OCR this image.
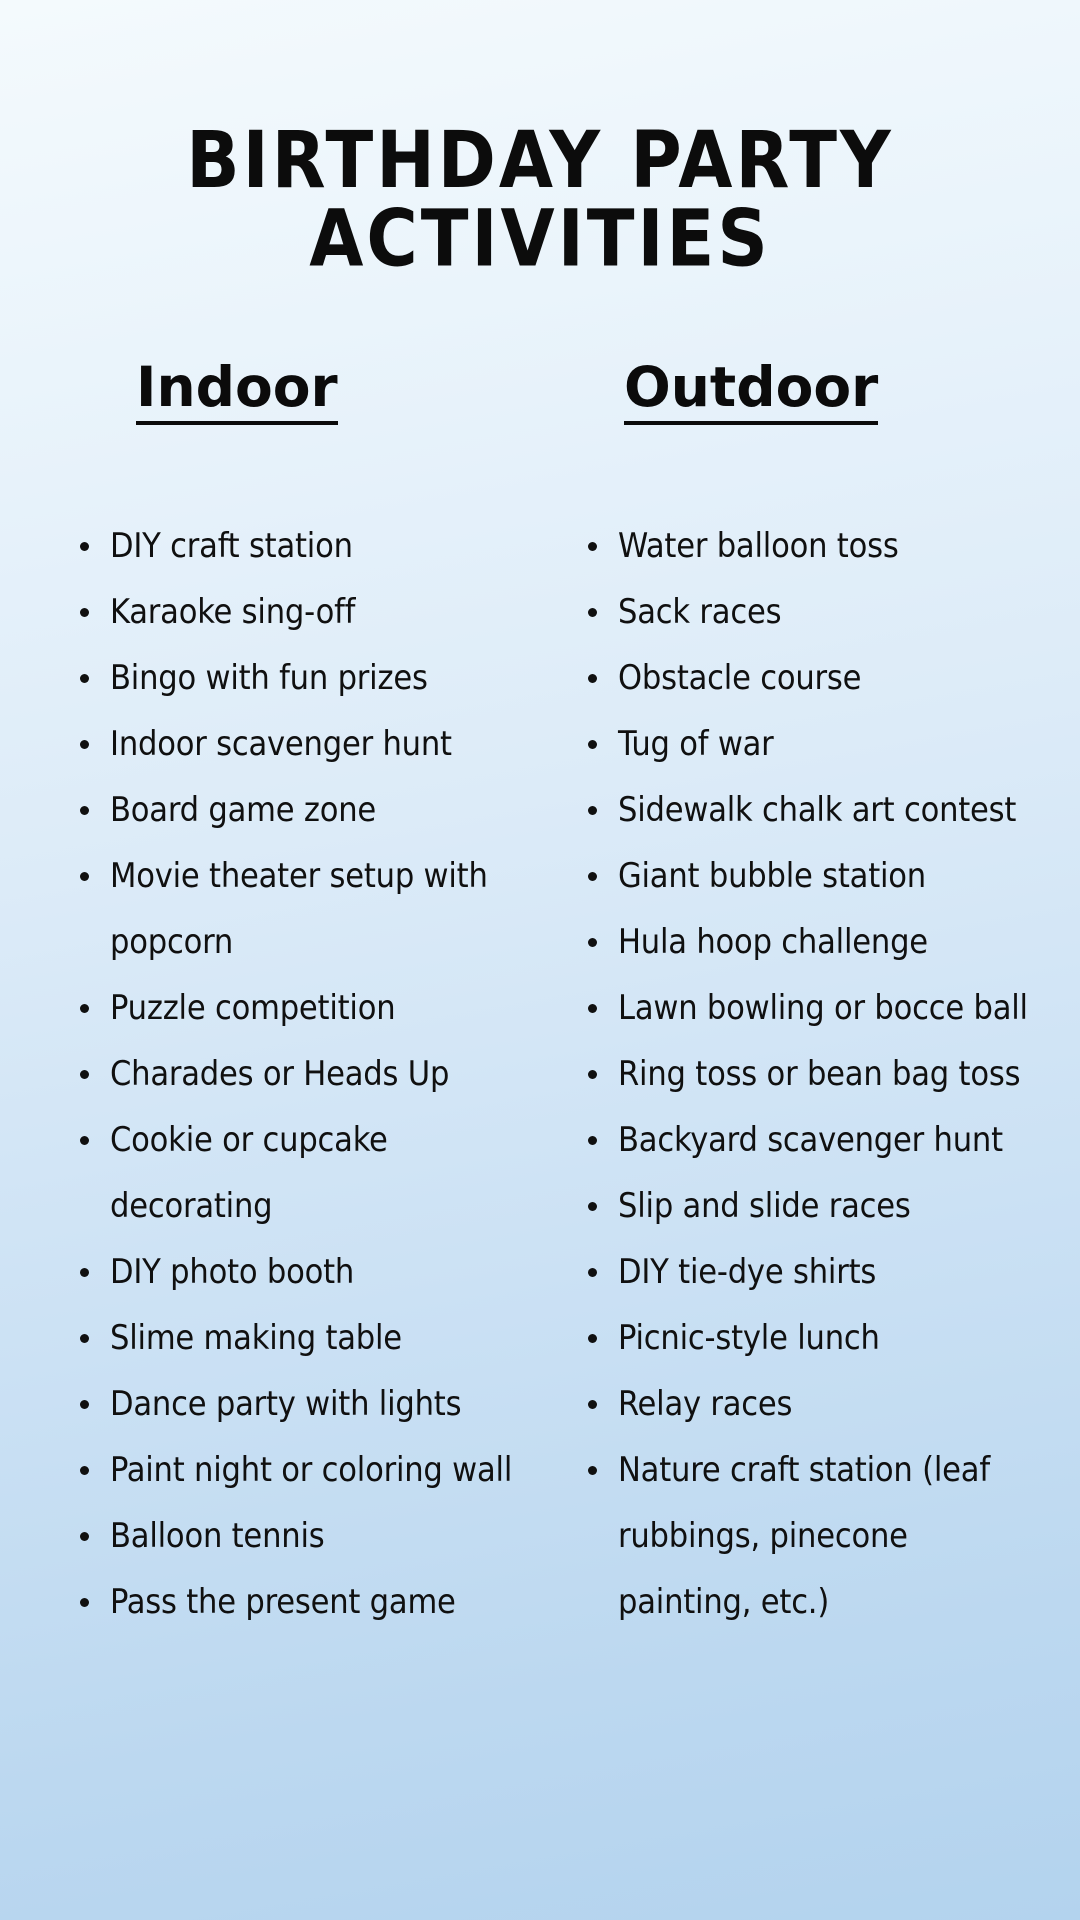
BIRTHDAY PARTY ACTIVITIES
Indoor
DIY craft station
Karaoke sing-off
Bingo with fun prizes
Indoor scavenger hunt
Board game zone
Movie theater setup with popcorn
Puzzle competition
Charades or Heads Up
Cookie or cupcake decorating
DIY photo booth
Slime making table
Dance party with lights
Paint night or coloring wall
Balloon tennis
Pass the present game
Outdoor
Water balloon toss
Sack races
Obstacle course
Tug of war
Sidewalk chalk art contest
Giant bubble station
Hula hoop challenge
Lawn bowling or bocce ball
Ring toss or bean bag toss
Backyard scavenger hunt
Slip and slide races
DIY tie-dye shirts
Picnic-style lunch
Relay races
Nature craft station (leaf rubbings, pinecone painting, etc.)
